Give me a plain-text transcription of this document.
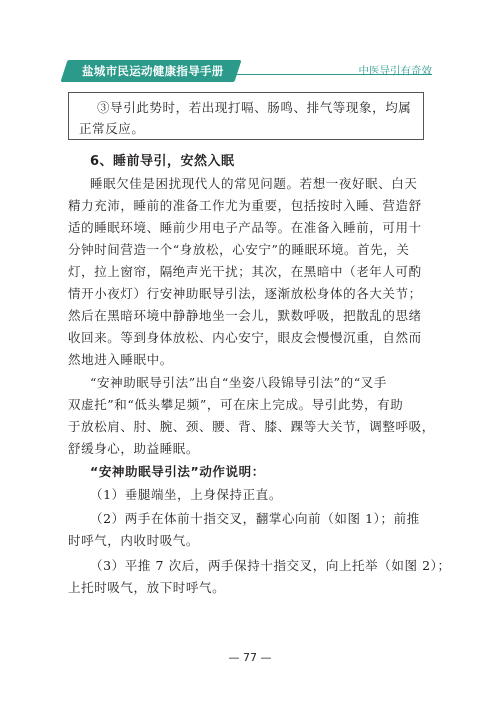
盐城市民运动健康指导手册	中医导引有奇效
③导引此势时，若出现打嗝、肠鸣、排气等现象，均属
正常反应。
6、睡前导引，安然入眠
睡眠欠佳是困扰现代人的常见问题。若想一夜好眠、白天
精力充沛，睡前的准备工作尤为重要，包括按时入睡、营造舒
适的睡眠环境、睡前少用电子产品等。在准备入睡前，可用十
分钟时间营造一个“身放松，心安宁”的睡眠环境。首先，关
灯，拉上窗帘，隔绝声光干扰；其次，在黑暗中（老年人可酌
情开小夜灯）行安神助眠导引法，逐渐放松身体的各大关节；
然后在黑暗环境中静静地坐一会儿，默数呼吸，把散乱的思绪
收回来。等到身体放松、内心安宁，眼皮会慢慢沉重，自然而
然地进入睡眠中。
“安神助眠导引法”出自“坐姿八段锦导引法”的“叉手
双虚托”和“低头攀足频”，可在床上完成。导引此势，有助
于放松肩、肘、腕、颈、腰、背、膝、踝等大关节，调整呼吸，
舒缓身心，助益睡眠。
“安神助眠导引法”动作说明：
（1）垂腿端坐，上身保持正直。
（2）两手在体前十指交叉，翻掌心向前（如图 1）；前推
时呼气，内收时吸气。
（3）平推 7 次后，两手保持十指交叉，向上托举（如图 2）；
上托时吸气，放下时呼气。
— 77 —
